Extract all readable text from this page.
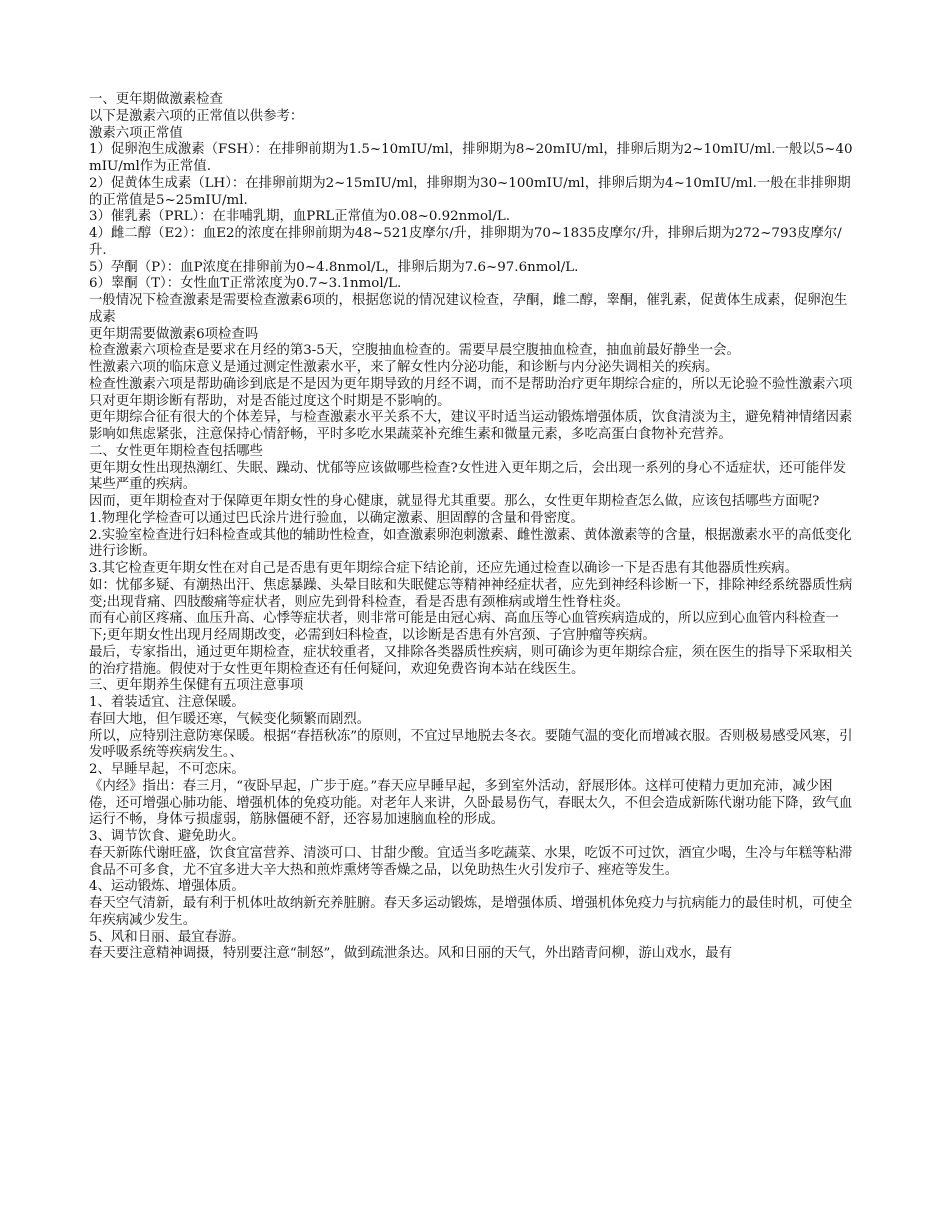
一、更年期做激素检查

以下是激素六项的正常值以供参考：

激素六项正常值

1）促卵泡生成激素（FSH）：在排卵前期为1.5~10mIU/ml，排卵期为8~20mIU/ml，排卵后期为2~10mIU/ml.一般以5~40mIU/ml作为正常值.

2）促黄体生成素（LH）：在排卵前期为2~15mIU/ml，排卵期为30~100mIU/ml，排卵后期为4~10mIU/ml.一般在非排卵期的正常值是5~25mIU/ml.

3）催乳素（PRL）：在非哺乳期，血PRL正常值为0.08~0.92nmol/L.

4）雌二醇（E2）：血E2的浓度在排卵前期为48~521皮摩尔/升，排卵期为70~1835皮摩尔/升，排卵后期为272~793皮摩尔/升.

5）孕酮（P）：血P浓度在排卵前为0~4.8nmol/L，排卵后期为7.6~97.6nmol/L.

6）睾酮（T）：女性血T正常浓度为0.7~3.1nmol/L.

一般情况下检查激素是需要检查激素6项的，根据您说的情况建议检查，孕酮，雌二醇，睾酮，催乳素，促黄体生成素，促卵泡生成素

更年期需要做激素6项检查吗

检查激素六项检查是要求在月经的第3-5天，空腹抽血检查的。需要早晨空腹抽血检查，抽血前最好静坐一会。

性激素六项的临床意义是通过测定性激素水平，来了解女性内分泌功能，和诊断与内分泌失调相关的疾病。

检查性激素六项是帮助确诊到底是不是因为更年期导致的月经不调，而不是帮助治疗更年期综合症的，所以无论验不验性激素六项只对更年期诊断有帮助，对是否能过度这个时期是不影响的。

更年期综合征有很大的个体差异，与检查激素水平关系不大，建议平时适当运动锻炼增强体质，饮食清淡为主，避免精神情绪因素影响如焦虑紧张，注意保持心情舒畅，平时多吃水果蔬菜补充维生素和微量元素，多吃高蛋白食物补充营养。

二、女性更年期检查包括哪些

更年期女性出现热潮红、失眠、躁动、忧郁等应该做哪些检查?女性进入更年期之后，会出现一系列的身心不适症状，还可能伴发某些严重的疾病。

因而，更年期检查对于保障更年期女性的身心健康，就显得尤其重要。那么，女性更年期检查怎么做，应该包括哪些方面呢?

1.物理化学检查可以通过巴氏涂片进行验血，以确定激素、胆固醇的含量和骨密度。

2.实验室检查进行妇科检查或其他的辅助性检查，如查激素卵泡刺激素、雌性激素、黄体激素等的含量，根据激素水平的高低变化进行诊断。

3.其它检查更年期女性在对自己是否患有更年期综合症下结论前，还应先通过检查以确诊一下是否患有其他器质性疾病。

如：忧郁多疑、有潮热出汗、焦虑暴躁、头晕目眩和失眠健忘等精神神经症状者，应先到神经科诊断一下，排除神经系统器质性病变;出现背痛、四肢酸痛等症状者，则应先到骨科检查，看是否患有颈椎病或增生性脊柱炎。

而有心前区疼痛、血压升高、心悸等症状者，则非常可能是由冠心病、高血压等心血管疾病造成的，所以应到心血管内科检查一下;更年期女性出现月经周期改变，必需到妇科检查，以诊断是否患有外宫颈、子宫肿瘤等疾病。

最后，专家指出，通过更年期检查，症状较重者，又排除各类器质性疾病，则可确诊为更年期综合症，须在医生的指导下采取相关的治疗措施。假使对于女性更年期检查还有任何疑问，欢迎免费咨询本站在线医生。

三、更年期养生保健有五项注意事项

1、着装适宜、注意保暖。

春回大地，但乍暖还寒，气候变化频繁而剧烈。

所以，应特别注意防寒保暖。根据“春捂秋冻”的原则，不宜过早地脱去冬衣。要随气温的变化而增减衣服。否则极易感受风寒，引发呼吸系统等疾病发生。、

2、早睡早起，不可恋床。

《内经》指出：春三月，“夜卧早起，广步于庭。”春天应早睡早起，多到室外活动，舒展形体。这样可使精力更加充沛，减少困倦，还可增强心肺功能、增强机体的免疫功能。对老年人来讲，久卧最易伤气，春眠太久，不但会造成新陈代谢功能下降，致气血运行不畅，身体亏损虚弱，筋脉僵硬不舒，还容易加速脑血栓的形成。

3、调节饮食、避免助火。

春天新陈代谢旺盛，饮食宜富营养、清淡可口、甘甜少酸。宜适当多吃蔬菜、水果，吃饭不可过饮，酒宜少喝，生冷与年糕等粘滞食品不可多食，尤不宜多进大辛大热和煎炸熏烤等香燥之品，以免助热生火引发疖子、痤疮等发生。

4、运动锻炼、增强体质。

春天空气清新，最有利于机体吐故纳新充养脏腑。春天多运动锻炼，是增强体质、增强机体免疫力与抗病能力的最佳时机，可使全年疾病减少发生。

5、风和日丽、最宜春游。

春天要注意精神调摄，特别要注意“制怒”，做到疏泄条达。风和日丽的天气，外出踏青问柳，游山戏水，最有
